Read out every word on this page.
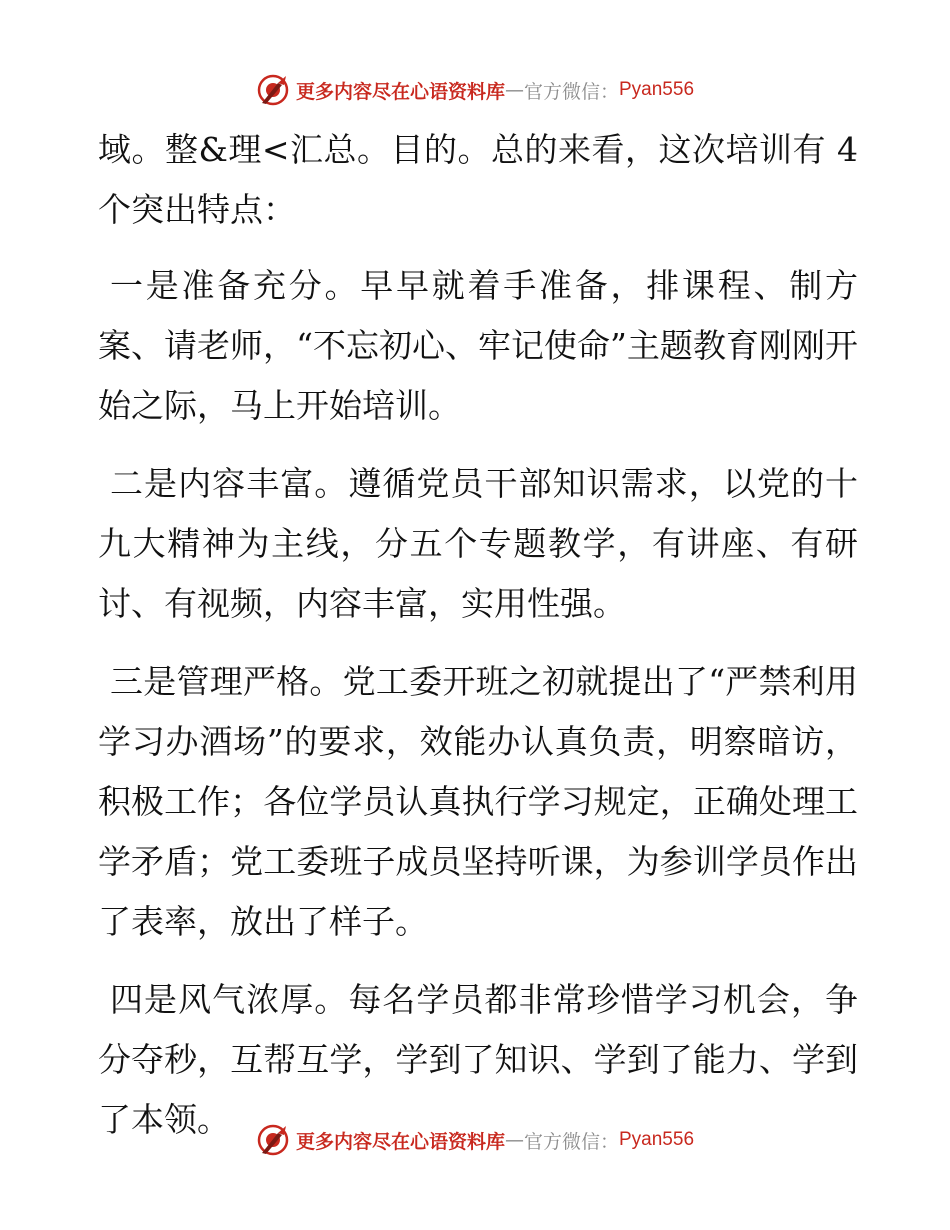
更多内容尽在心语资料库 — 官方微信： Pyan556

域。整&理<汇总。目的。总的来看，这次培训有 4 个突出特点：

一是准备充分。早早就着手准备，排课程、制方案、请老师，“不忘初心、牢记使命”主题教育刚刚开始之际，马上开始培训。

二是内容丰富。遵循党员干部知识需求，以党的十九大精神为主线，分五个专题教学，有讲座、有研讨、有视频，内容丰富，实用性强。

三是管理严格。党工委开班之初就提出了“严禁利用学习办酒场”的要求，效能办认真负责，明察暗访，积极工作；各位学员认真执行学习规定，正确处理工学矛盾；党工委班子成员坚持听课，为参训学员作出了表率，放出了样子。

四是风气浓厚。每名学员都非常珍惜学习机会，争分夺秒，互帮互学，学到了知识、学到了能力、学到了本领。

更多内容尽在心语资料库 — 官方微信： Pyan556
